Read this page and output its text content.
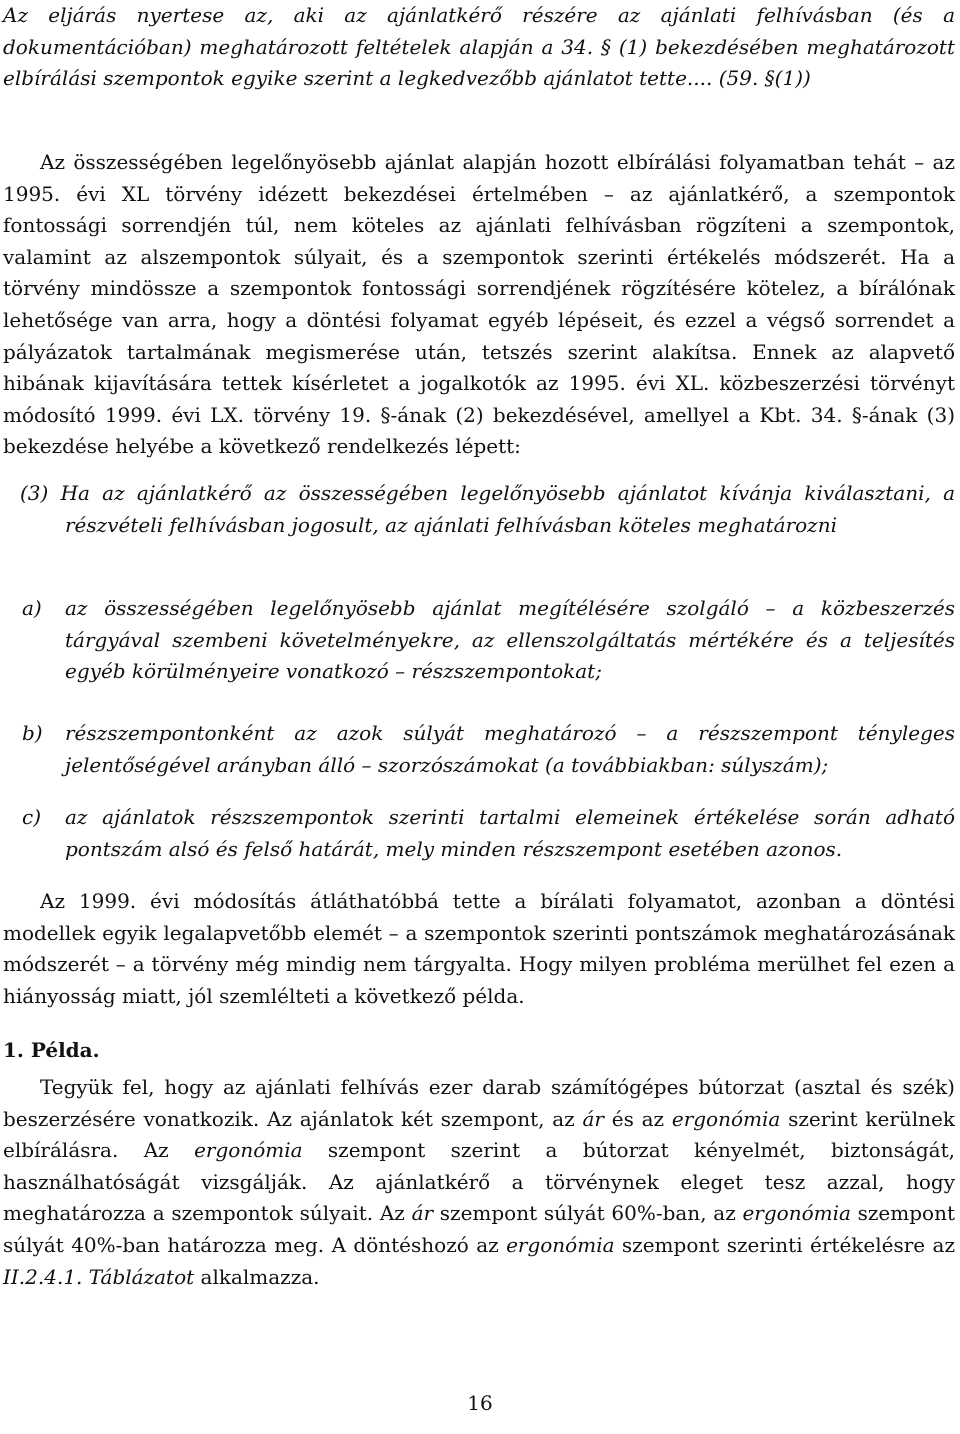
Az eljárás nyertese az, aki az ajánlatkérő részére az ajánlati felhívásban (és a dokumentációban) meghatározott feltételek alapján a 34. § (1) bekezdésében meghatározott elbírálási szempontok egyike szerint a legkedvezőbb ajánlatot tette.... (59. §(1))

Az összességében legelőnyösebb ajánlat alapján hozott elbírálási folyamatban tehát – az 1995. évi XL törvény idézett bekezdései értelmében – az ajánlatkérő, a szempontok fontossági sorrendjén túl, nem köteles az ajánlati felhívásban rögzíteni a szempontok, valamint az alszempontok súlyait, és a szempontok szerinti értékelés módszerét. Ha a törvény mindössze a szempontok fontossági sorrendjének rögzítésére kötelez, a bírálónak lehetősége van arra, hogy a döntési folyamat egyéb lépéseit, és ezzel a végső sorrendet a pályázatok tartalmának megismerése után, tetszés szerint alakítsa. Ennek az alapvető hibának kijavítására tettek kísérletet a jogalkotók az 1995. évi XL. közbeszerzési törvényt módosító 1999. évi LX. törvény 19. §-ának (2) bekezdésével, amellyel a Kbt. 34. §-ának (3) bekezdése helyébe a következő rendelkezés lépett:

(3) Ha az ajánlatkérő az összességében legelőnyösebb ajánlatot kívánja kiválasztani, a részvételi felhívásban jogosult, az ajánlati felhívásban köteles meghatározni

a) az összességében legelőnyösebb ajánlat megítélésére szolgáló – a közbeszerzés tárgyával szembeni követelményekre, az ellenszolgáltatás mértékére és a teljesítés egyéb körülményeire vonatkozó – részszempontokat;
b) részszempontonként az azok súlyát meghatározó – a részszempont tényleges jelentőségével arányban álló – szorzószámokat (a továbbiakban: súlyszám);
c) az ajánlatok részszempontok szerinti tartalmi elemeinek értékelése során adható pontszám alsó és felső határát, mely minden részszempont esetében azonos.

Az 1999. évi módosítás átláthatóbbá tette a bírálati folyamatot, azonban a döntési modellek egyik legalapvetőbb elemét – a szempontok szerinti pontszámok meghatározásának módszerét – a törvény még mindig nem tárgyalta. Hogy milyen probléma merülhet fel ezen a hiányosság miatt, jól szemlélteti a következő példa.

1. Példa.

Tegyük fel, hogy az ajánlati felhívás ezer darab számítógépes bútorzat (asztal és szék) beszerzésére vonatkozik. Az ajánlatok két szempont, az ár és az ergonómia szerint kerülnek elbírálásra. Az ergonómia szempont szerint a bútorzat kényelmét, biztonságát, használhatóságát vizsgálják. Az ajánlatkérő a törvénynek eleget tesz azzal, hogy meghatározza a szempontok súlyait. Az ár szempont súlyát 60%-ban, az ergonómia szempont súlyát 40%-ban határozza meg. A döntéshozó az ergonómia szempont szerinti értékelésre az II.2.4.1. Táblázatot alkalmazza.

16
